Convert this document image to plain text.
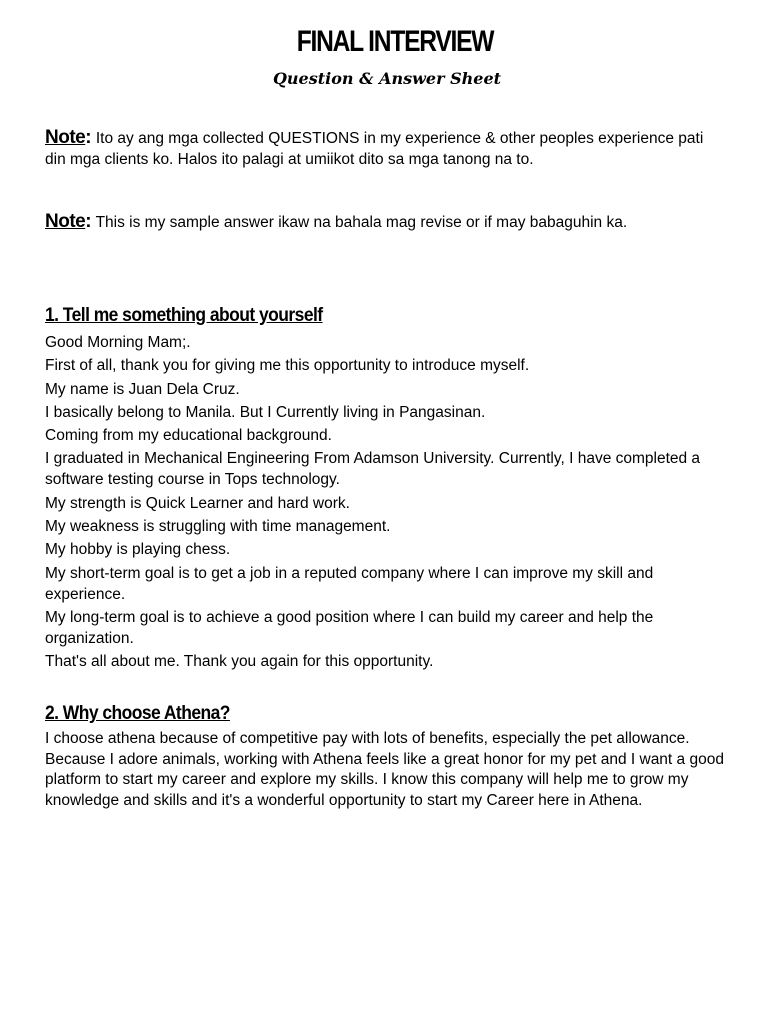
FINAL INTERVIEW
Question & Answer Sheet
Note: Ito ay ang mga collected QUESTIONS in my experience & other peoples experience pati din mga clients ko. Halos ito palagi at umiikot dito sa mga tanong na to.
Note: This is my sample answer ikaw na bahala mag revise or if may babaguhin ka.
1. Tell me something about yourself
Good Morning Mam;.
First of all, thank you for giving me this opportunity to introduce myself.
My name is Juan Dela Cruz.
I basically belong to Manila. But I Currently living in Pangasinan.
Coming from my educational background.
I graduated in Mechanical Engineering From Adamson University. Currently, I have completed a software testing course in Tops technology.
My strength is Quick Learner and hard work.
My weakness is struggling with time management.
My hobby is playing chess.
My short-term goal is to get a job in a reputed company where I can improve my skill and experience.
My long-term goal is to achieve a good position where I can build my career and help the organization.
That's all about me. Thank you again for this opportunity.
2. Why choose Athena?

I choose athena because of competitive pay with lots of benefits, especially the pet allowance. Because I adore animals, working with Athena feels like a great honor for my pet and I want a good platform to start my career and explore my skills. I know this company will help me to grow my knowledge and skills and it's a wonderful opportunity to start my Career here in Athena.
